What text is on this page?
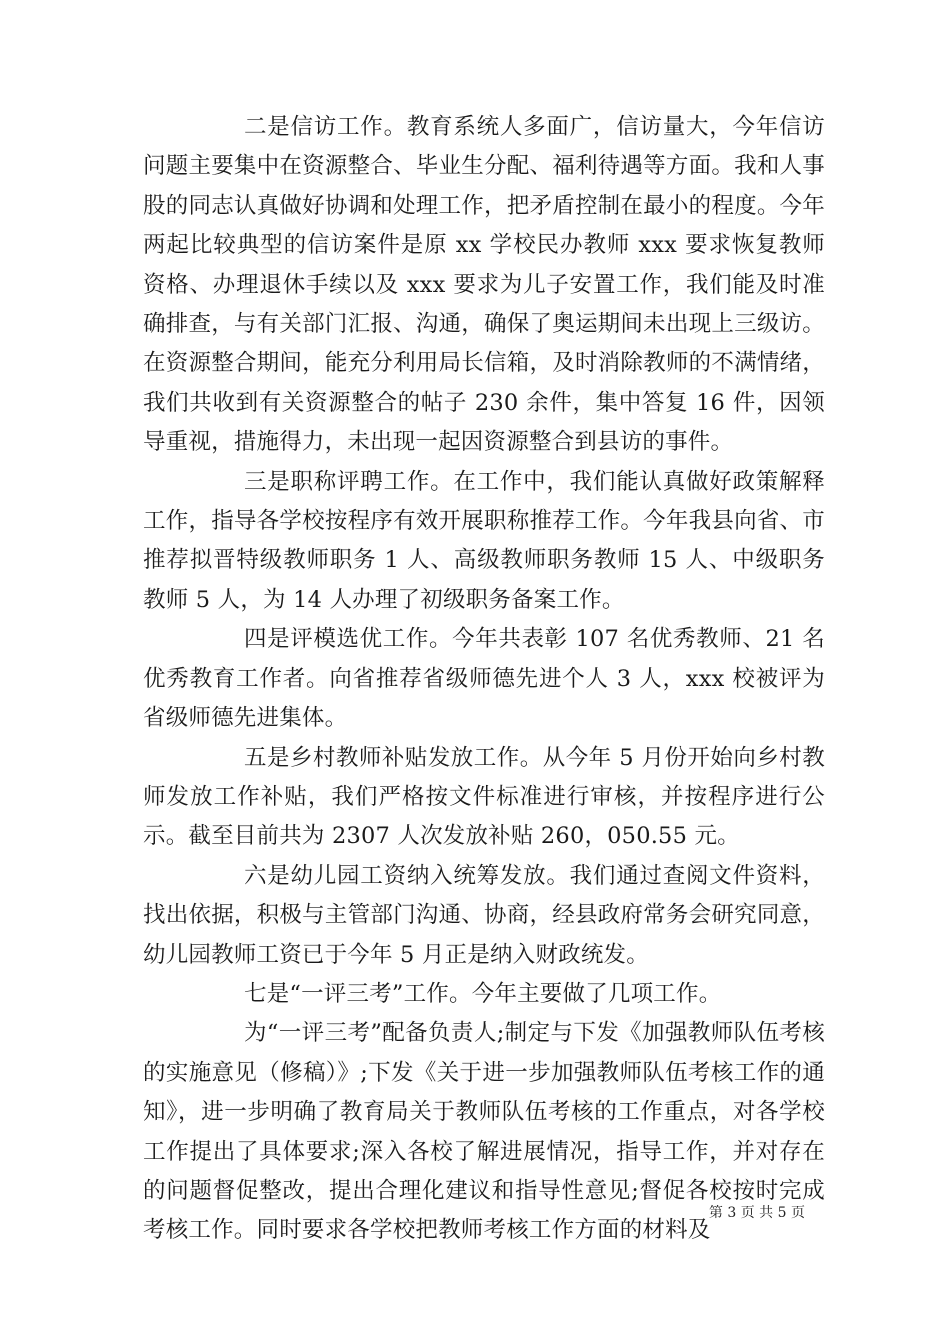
二是信访工作。教育系统人多面广，信访量大，今年信访问题主要集中在资源整合、毕业生分配、福利待遇等方面。我和人事股的同志认真做好协调和处理工作，把矛盾控制在最小的程度。今年两起比较典型的信访案件是原 xx 学校民办教师 xxx 要求恢复教师资格、办理退休手续以及 xxx 要求为儿子安置工作，我们能及时准确排查，与有关部门汇报、沟通，确保了奥运期间未出现上三级访。在资源整合期间，能充分利用局长信箱，及时消除教师的不满情绪，我们共收到有关资源整合的帖子 230 余件，集中答复 16 件，因领导重视，措施得力，未出现一起因资源整合到县访的事件。

三是职称评聘工作。在工作中，我们能认真做好政策解释工作，指导各学校按程序有效开展职称推荐工作。今年我县向省、市推荐拟晋特级教师职务 1 人、高级教师职务教师 15 人、中级职务教师 5 人，为 14 人办理了初级职务备案工作。

四是评模选优工作。今年共表彰 107 名优秀教师、21 名优秀教育工作者。向省推荐省级师德先进个人 3 人，xxx 校被评为省级师德先进集体。

五是乡村教师补贴发放工作。从今年 5 月份开始向乡村教师发放工作补贴，我们严格按文件标准进行审核，并按程序进行公示。截至目前共为 2307 人次发放补贴 260，050.55 元。

六是幼儿园工资纳入统筹发放。我们通过查阅文件资料，找出依据，积极与主管部门沟通、协商，经县政府常务会研究同意，幼儿园教师工资已于今年 5 月正是纳入财政统发。

七是“一评三考”工作。今年主要做了几项工作。

为“一评三考”配备负责人;制定与下发《加强教师队伍考核的实施意见（修稿）》;下发《关于进一步加强教师队伍考核工作的通知》，进一步明确了教育局关于教师队伍考核的工作重点，对各学校工作提出了具体要求;深入各校了解进展情况，指导工作，并对存在的问题督促整改，提出合理化建议和指导性意见;督促各校按时完成考核工作。同时要求各学校把教师考核工作方面的材料及

第 3 页 共 5 页
